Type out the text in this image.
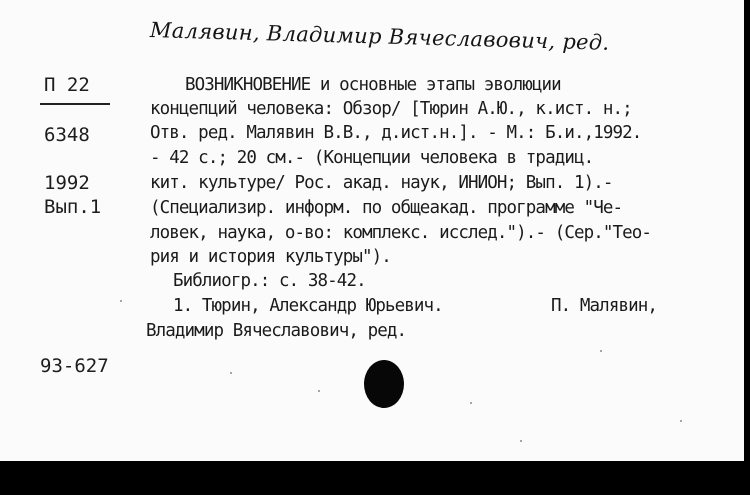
Малявин, Владимир Вячеславович, ред.
П 22
6348
1992
Вып.1
93-627
ВОЗНИКНОВЕНИЕ и основные этапы эволюции
концепций человека: Обзор/ [Тюрин А.Ю., к.ист. н.;
Отв. ред. Малявин В.В., д.ист.н.]. - М.: Б.и.,1992.
- 42 с.; 20 см.- (Концепции человека в традиц.
кит. культуре/ Рос. акад. наук, ИНИОН; Вып. 1).-
(Специализир. информ. по общеакад. программе "Че-
ловек, наука, о-во: комплекс. исслед.").- (Сер."Тео-
рия и история культуры").
Библиогр.: с. 38-42.
1. Тюрин, Александр Юрьевич.	П. Малявин,
Владимир Вячеславович, ред.
